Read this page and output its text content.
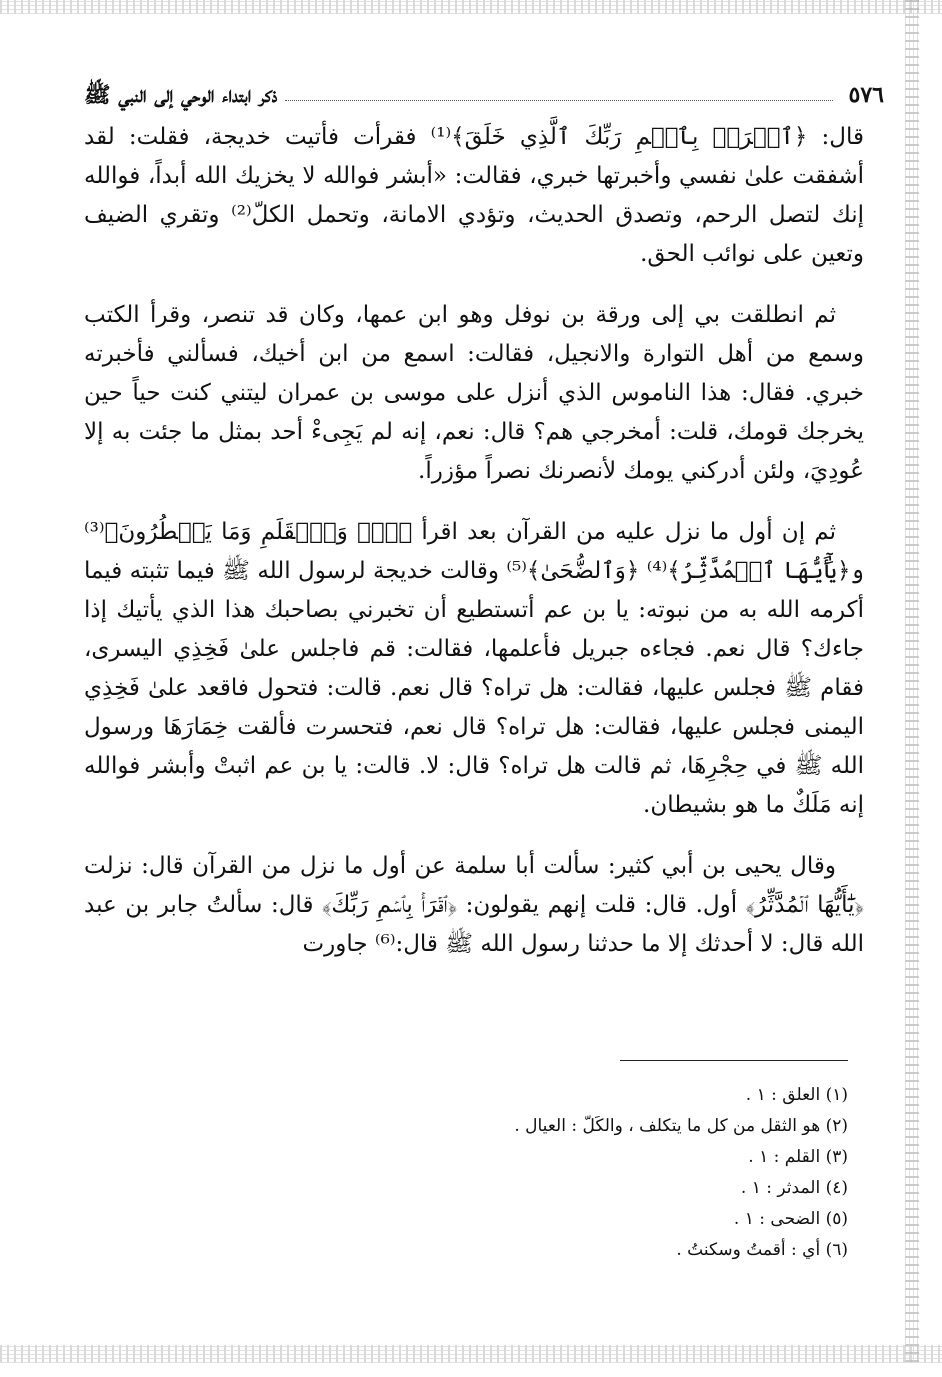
٥٧٦
ذكر ابتداء الوحي إلى النبي ﷺ

قال: ﴿ٱقۡرَأۡ بِٱسۡمِ رَبِّكَ ٱلَّذِي خَلَقَ﴾⁽¹⁾ فقرأت فأتيت خديجة، فقلت: لقد أشفقت علىٰ نفسي وأخبرتها خبري، فقالت: «أبشر فوالله لا يخزيك الله أبداً، فوالله إنك لتصل الرحم، وتصدق الحديث، وتؤدي الامانة، وتحمل الكلّ⁽²⁾ وتقري الضيف وتعين على نوائب الحق.

ثم انطلقت بي إلى ورقة بن نوفل وهو ابن عمها، وكان قد تنصر، وقرأ الكتب وسمع من أهل التوارة والانجيل، فقالت: اسمع من ابن أخيك، فسألني فأخبرته خبري. فقال: هذا الناموس الذي أنزل على موسى بن عمران ليتني كنت حياً حين يخرجك قومك، قلت: أمخرجي هم؟ قال: نعم، إنه لم يَجِىءْ أحد بمثل ما جئت به إلا عُودِيَ، ولئن أدركني يومك لأنصرنك نصراً مؤزراً.

ثم إن أول ما نزل عليه من القرآن بعد اقرأ ﴿نٓۚ وَٱلۡقَلَمِ وَمَا يَسۡطُرُونَ﴾⁽³⁾ و﴿يَٰٓأَيُّهَا ٱلۡمُدَّثِّرُ﴾⁽⁴⁾ ﴿وَٱلضُّحَىٰ﴾⁽⁵⁾ وقالت خديجة لرسول الله ﷺ فيما تثبته فيما أكرمه الله به من نبوته: يا بن عم أتستطيع أن تخبرني بصاحبك هذا الذي يأتيك إذا جاءك؟ قال نعم. فجاءه جبريل فأعلمها، فقالت: قم فاجلس علىٰ فَخِذِي اليسرى، فقام ﷺ فجلس عليها، فقالت: هل تراه؟ قال نعم. قالت: فتحول فاقعد علىٰ فَخِذِي اليمنى فجلس عليها، فقالت: هل تراه؟ قال نعم، فتحسرت فألقت خِمَارَهَا ورسول الله ﷺ في حِجْرِهَا، ثم قالت هل تراه؟ قال: لا. قالت: يا بن عم اثبتْ وأبشر فوالله إنه مَلَكٌ ما هو بشيطان.

وقال يحيى بن أبي كثير: سألت أبا سلمة عن أول ما نزل من القرآن قال: نزلت ﴿يَٰٓأَيُّهَا ٱلۡمُدَّثِّرُ﴾ أول. قال: قلت إنهم يقولون: ﴿ٱقۡرَأۡ بِٱسۡمِ رَبِّكَ﴾ قال: سألتُ جابر بن عبد الله قال: لا أحدثك إلا ما حدثنا رسول الله ﷺ قال:⁽⁶⁾ جاورت

(١) العلق : ١ .
(٢) هو الثقل من كل ما يتكلف ، والكَلّ : العيال .
(٣) القلم : ١ .
(٤) المدثر : ١ .
(٥) الضحى : ١ .
(٦) أي : أقمتُ وسكنتُ .
